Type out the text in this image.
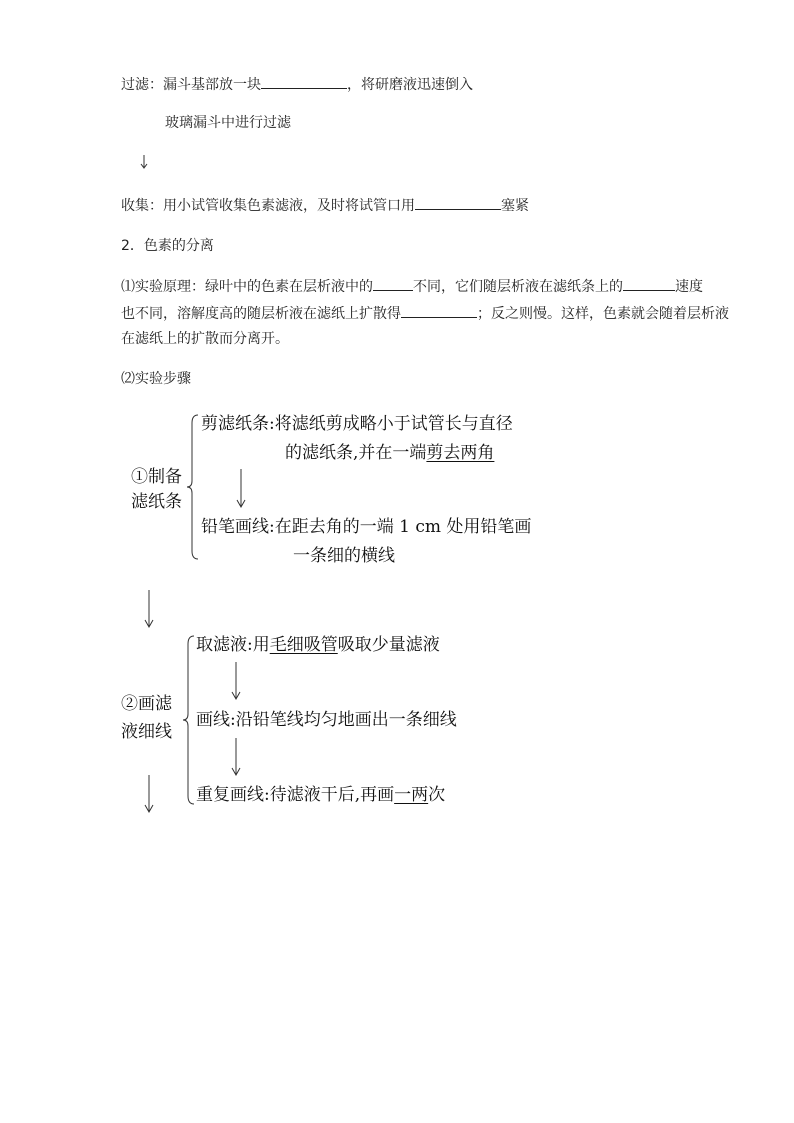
过滤：漏斗基部放一块	，将研磨液迅速倒入
玻璃漏斗中进行过滤
收集：用小试管收集色素滤液，及时将试管口用	塞紧
2．色素的分离
⑴实验原理：绿叶中的色素在层析液中的	不同，它们随层析液在滤纸条上的	速度
也不同，溶解度高的随层析液在滤纸上扩散得	；反之则慢。这样，色素就会随着层析液
在滤纸上的扩散而分离开。
⑵实验步骤
①制备
滤纸条
剪滤纸条:将滤纸剪成略小于试管长与直径
的滤纸条,并在一端剪去两角
铅笔画线:在距去角的一端 1 cm 处用铅笔画
一条细的横线
②画滤
液细线
取滤液:用毛细吸管吸取少量滤液
画线:沿铅笔线均匀地画出一条细线
重复画线:待滤液干后,再画一两次
